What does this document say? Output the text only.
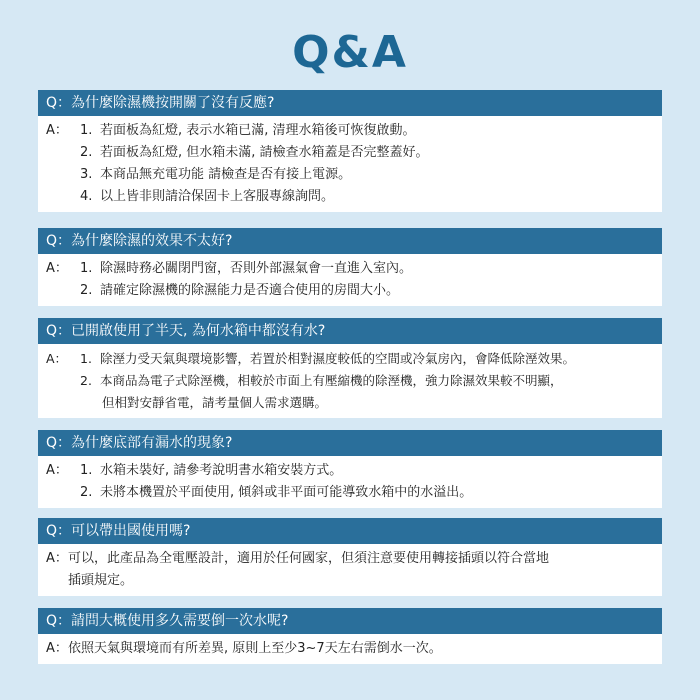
Q&A
Q：為什麼除濕機按開關了沒有反應?
A： 1. 若面板為紅燈, 表示水箱已滿, 清理水箱後可恢復啟動。
2. 若面板為紅燈, 但水箱未滿, 請檢查水箱蓋是否完整蓋好。
3. 本商品無充電功能 請檢查是否有接上電源。
4. 以上皆非則請洽保固卡上客服專線詢問。
Q：為什麼除濕的效果不太好?
A： 1. 除濕時務必關閉門窗，否則外部濕氣會一直進入室內。
2. 請確定除濕機的除濕能力是否適合使用的房間大小。
Q：已開啟使用了半天, 為何水箱中都沒有水?
A：	1. 除溼力受天氣與環境影響，若置於相對濕度較低的空間或冷氣房內，會降低除溼效果。
2. 本商品為電子式除溼機，相較於市面上有壓縮機的除溼機，強力除濕效果較不明顯，
但相對安靜省電，請考量個人需求選購。
Q：為什麼底部有漏水的現象?
A： 1. 水箱未裝好, 請參考說明書水箱安裝方式。
2. 未將本機置於平面使用, 傾斜或非平面可能導致水箱中的水溢出。
Q：可以帶出國使用嗎?
A： 可以，此產品為全電壓設計，適用於任何國家，但須注意要使用轉接插頭以符合當地
插頭規定。
Q：請問大概使用多久需要倒一次水呢?
A： 依照天氣與環境而有所差異, 原則上至少3~7天左右需倒水一次。
